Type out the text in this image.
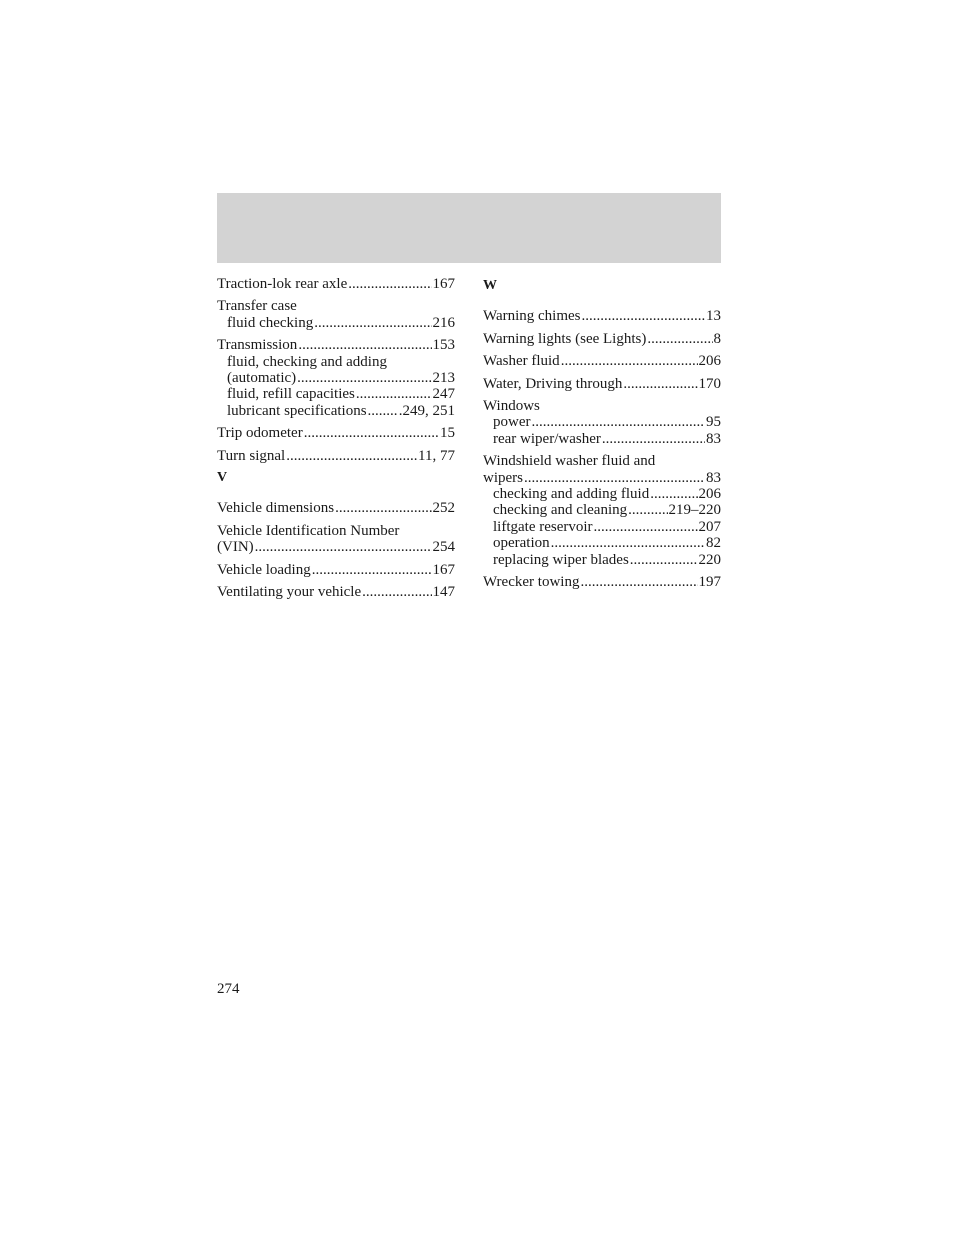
Traction-lok rear axle .....	167
Transfer case
fluid checking .....	216
Transmission .....	153
fluid, checking and adding
(automatic) .....	213
fluid, refill capacities .....	247
lubricant specifications ..... .249, 251
Trip odometer .....	15
Turn signal .....	11, 77
V
Vehicle dimensions .....	252
Vehicle Identification Number
(VIN) .....	254
Vehicle loading .....	167
Ventilating your vehicle .....	147
W
Warning chimes .....	13
Warning lights (see Lights) .....	8
Washer fluid .....	206
Water, Driving through .....	170
Windows
power .....	95
rear wiper/washer .....	83
Windshield washer fluid and
wipers .....	83
checking and adding fluid .....	206
checking and cleaning .....	219–220
liftgate reservoir .....	207
operation .....	82
replacing wiper blades .....	220
Wrecker towing .....	197
274
